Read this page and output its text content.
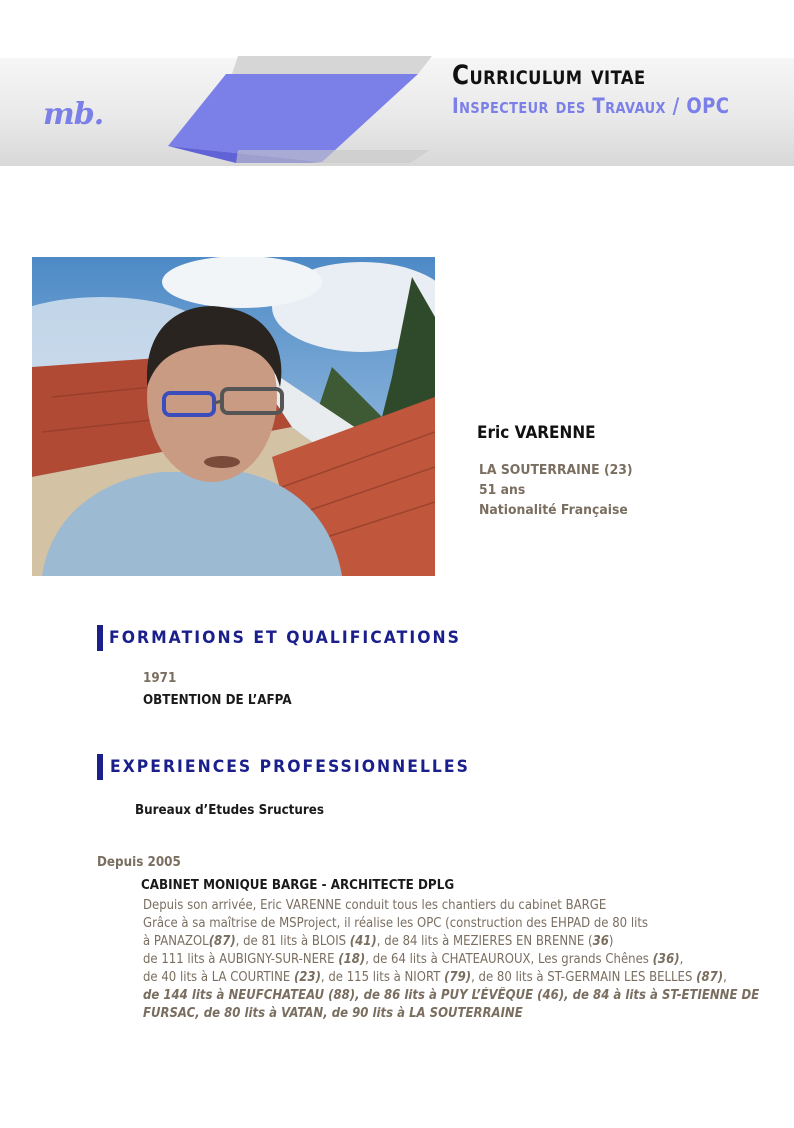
mb.
Curriculum vitae
Inspecteur des Travaux / OPC
Eric VARENNE
LA SOUTERRAINE (23)
51 ans
Nationalité Française
FORMATIONS ET QUALIFICATIONS
1971
OBTENTION DE L’AFPA
EXPERIENCES PROFESSIONNELLES
Bureaux d’Etudes Sructures
Depuis 2005
CABINET MONIQUE BARGE - ARCHITECTE DPLG
Depuis son arrivée, Eric VARENNE conduit tous les chantiers du cabinet BARGE
Grâce à sa maîtrise de MSProject, il réalise les OPC (construction des EHPAD de 80 lits
à PANAZOL(87), de 81 lits à BLOIS (41), de 84 lits à MEZIERES EN BRENNE (36)
de 111 lits à AUBIGNY-SUR-NERE (18), de 64 lits à CHATEAUROUX, Les grands Chênes (36),
de 40 lits à LA COURTINE (23), de 115 lits à NIORT (79), de 80 lits à ST-GERMAIN LES BELLES (87),
de 144 lits à NEUFCHATEAU (88), de 86 lits à PUY L’ÉVÊQUE (46), de 84 à lits à ST-ETIENNE DE
FURSAC, de 80 lits à VATAN, de 90 lits à LA SOUTERRAINE
